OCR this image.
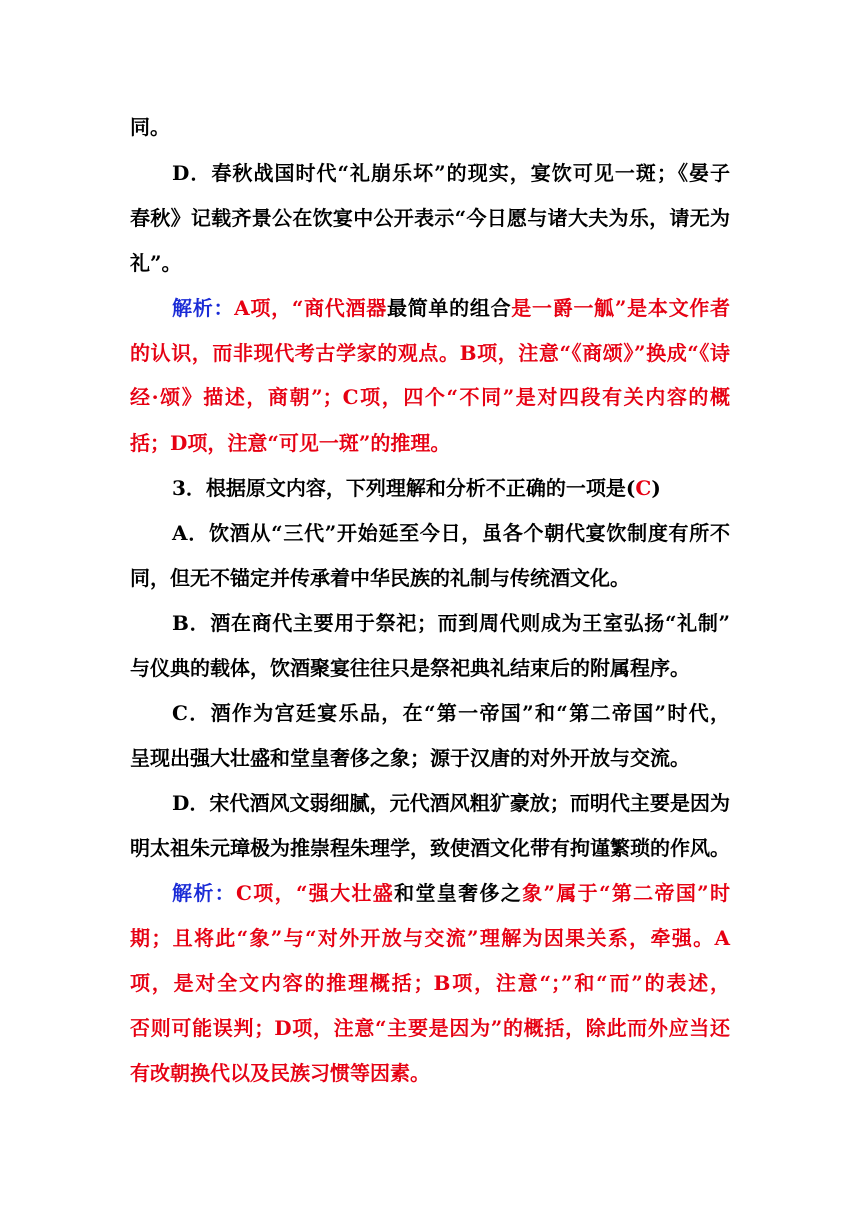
同。
D．春秋战国时代“礼崩乐坏”的现实，宴饮可见一斑；《晏子
春秋》记载齐景公在饮宴中公开表示“今日愿与诸大夫为乐，请无为
礼”。
解析：A项，“商代酒器最简单的组合是一爵一觚”是本文作者
的认识，而非现代考古学家的观点。B项，注意“《商颂》”换成“《诗
经·颂》描述，商朝”；C项，四个“不同”是对四段有关内容的概
括；D项，注意“可见一斑”的推理。
3．根据原文内容，下列理解和分析不正确的一项是(C)
A．饮酒从“三代”开始延至今日，虽各个朝代宴饮制度有所不
同，但无不锚定并传承着中华民族的礼制与传统酒文化。
B．酒在商代主要用于祭祀；而到周代则成为王室弘扬“礼制”
与仪典的载体，饮酒聚宴往往只是祭祀典礼结束后的附属程序。
C．酒作为宫廷宴乐品，在“第一帝国”和“第二帝国”时代，
呈现出强大壮盛和堂皇奢侈之象；源于汉唐的对外开放与交流。
D．宋代酒风文弱细腻，元代酒风粗犷豪放；而明代主要是因为
明太祖朱元璋极为推崇程朱理学，致使酒文化带有拘谨繁琐的作风。
解析：C项，“强大壮盛和堂皇奢侈之象”属于“第二帝国”时
期；且将此“象”与“对外开放与交流”理解为因果关系，牵强。A
项，是对全文内容的推理概括；B项，注意“；”和“而”的表述，
否则可能误判；D项，注意“主要是因为”的概括，除此而外应当还
有改朝换代以及民族习惯等因素。
